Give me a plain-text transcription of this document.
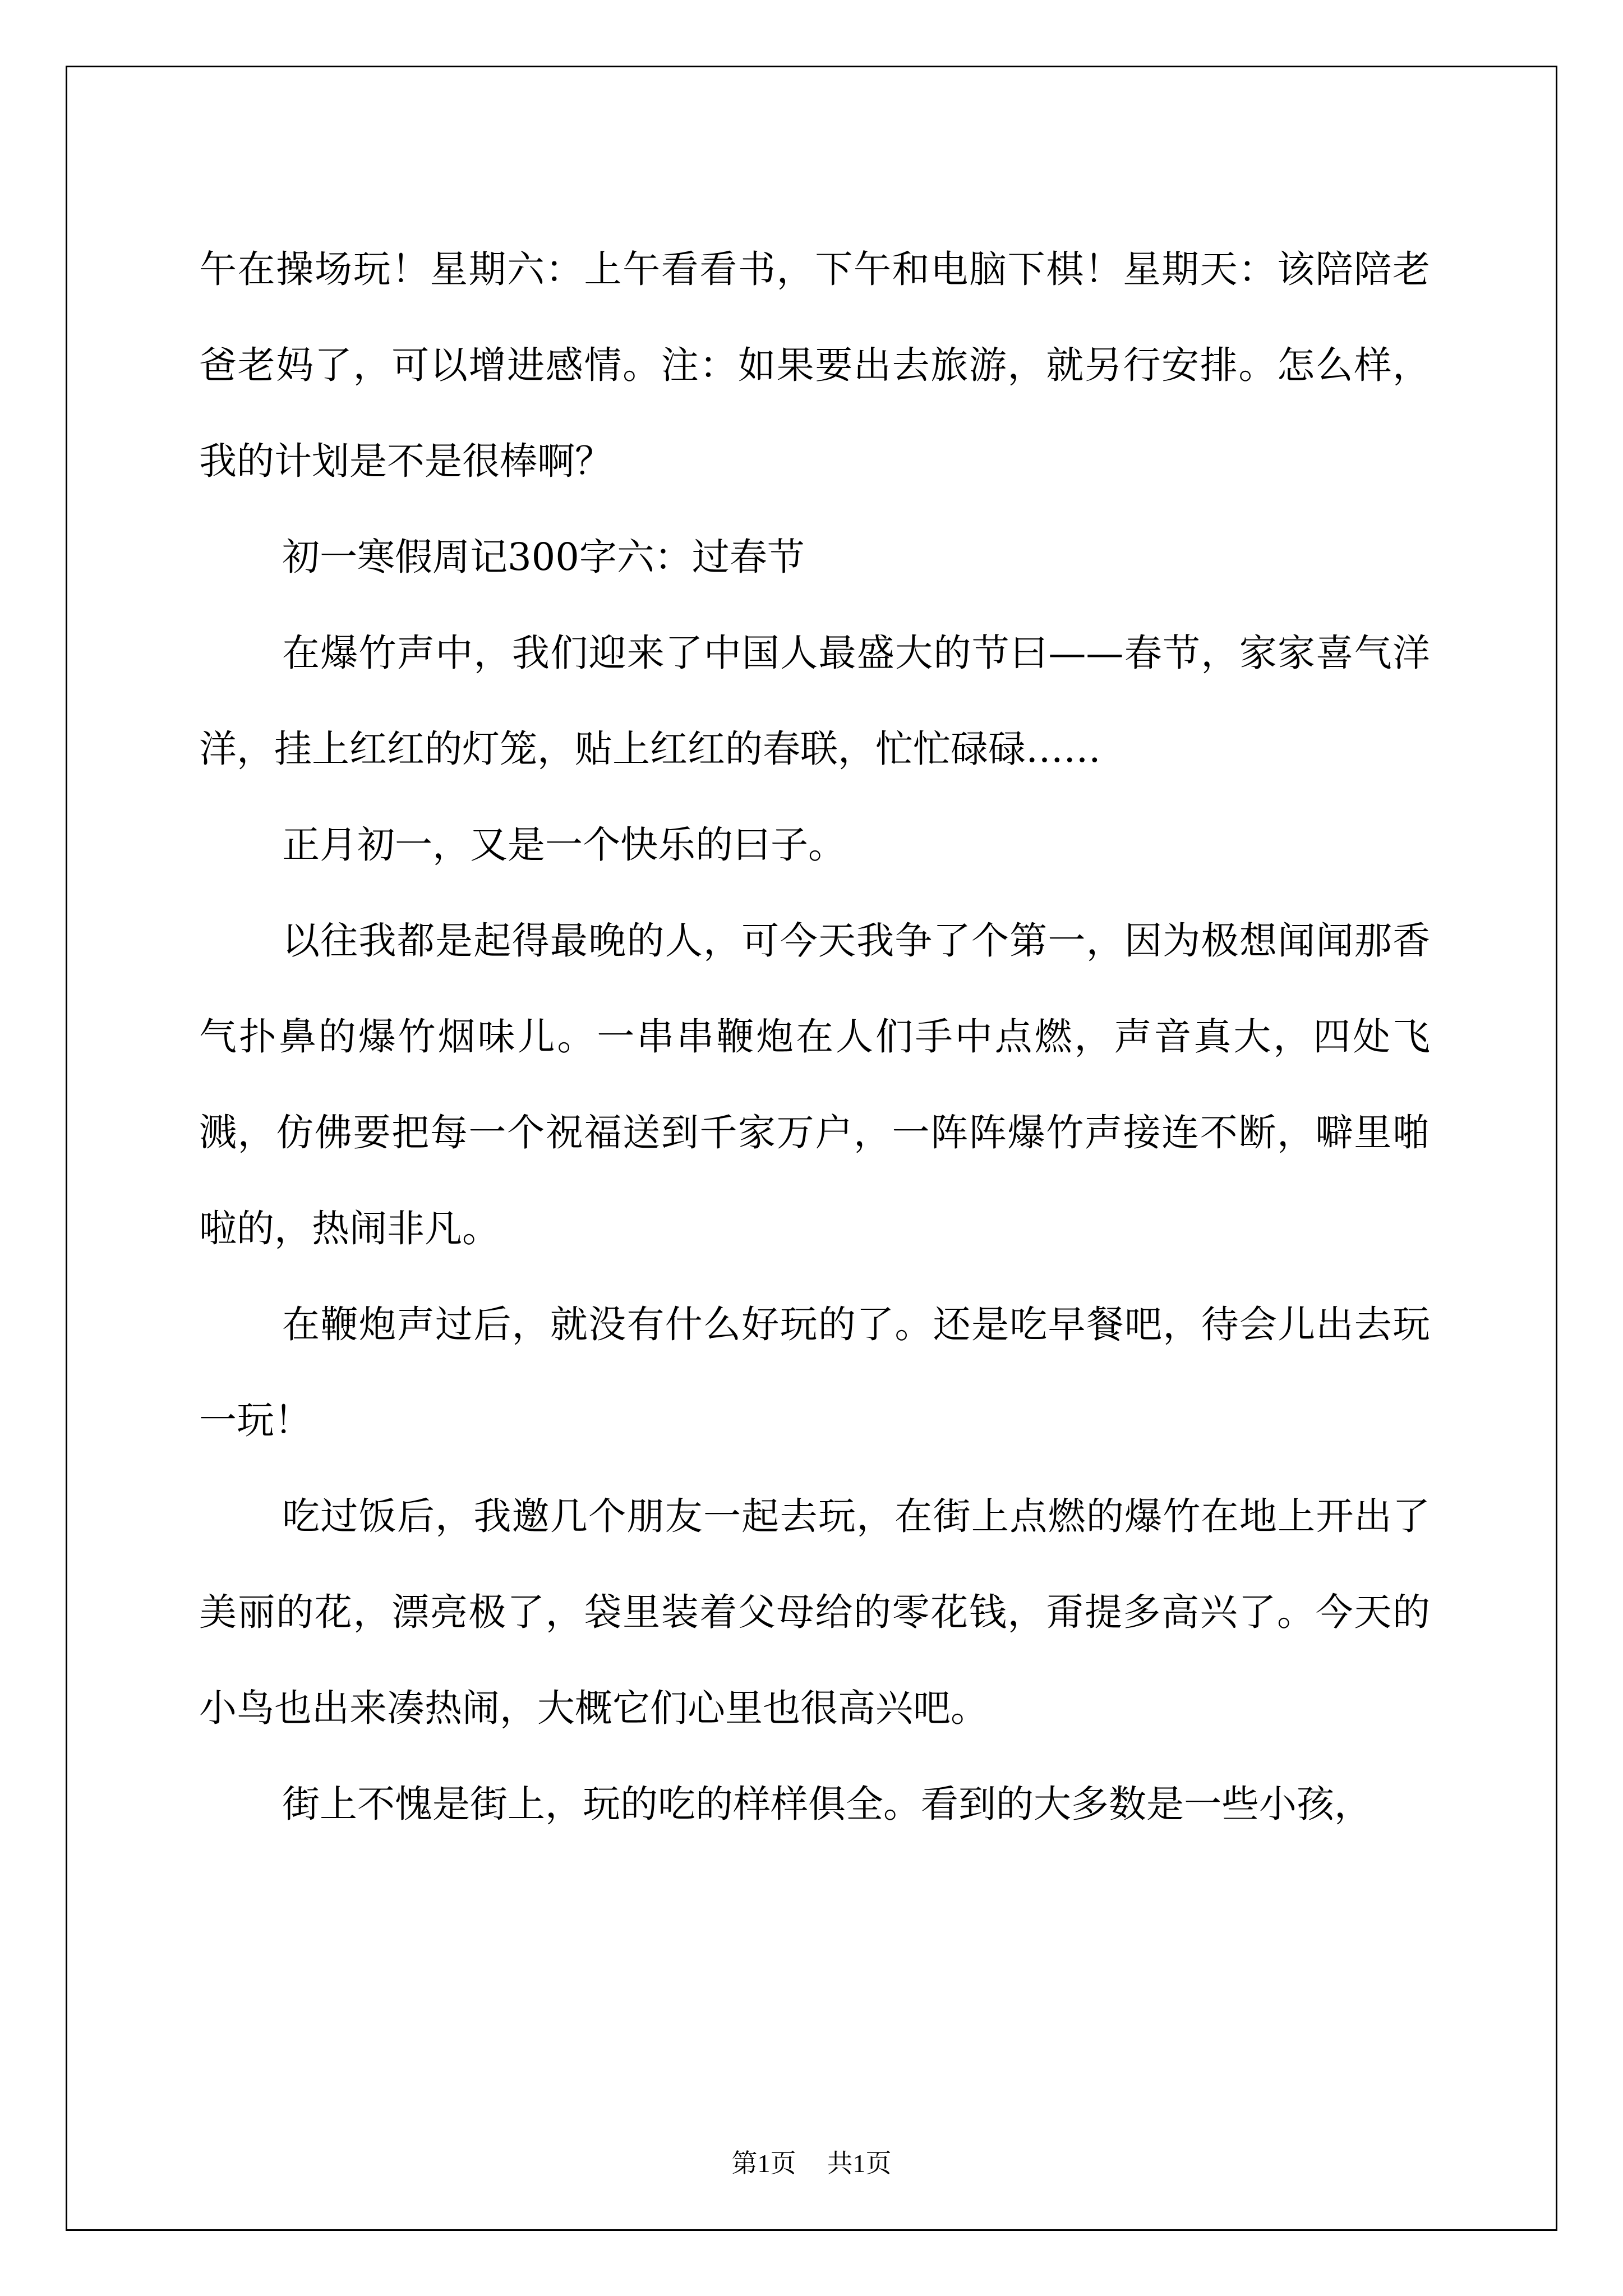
午在操场玩！星期六：上午看看书，下午和电脑下棋！星期天：该陪陪老爸老妈了，可以增进感情。注：如果要出去旅游，就另行安排。怎么样，我的计划是不是很棒啊？

初一寒假周记300字六：过春节

在爆竹声中，我们迎来了中国人最盛大的节曰——春节，家家喜气洋洋，挂上红红的灯笼，贴上红红的春联，忙忙碌碌……

正月初一，又是一个快乐的曰子。

以往我都是起得最晚的人，可今天我争了个第一，因为极想闻闻那香气扑鼻的爆竹烟味儿。一串串鞭炮在人们手中点燃，声音真大，四处飞溅，仿佛要把每一个祝福送到千家万户，一阵阵爆竹声接连不断，噼里啪啦的，热闹非凡。

在鞭炮声过后，就没有什么好玩的了。还是吃早餐吧，待会儿出去玩一玩！

吃过饭后，我邀几个朋友一起去玩，在街上点燃的爆竹在地上开出了美丽的花，漂亮极了，袋里装着父母给的零花钱，甭提多高兴了。今天的小鸟也出来凑热闹，大概它们心里也很高兴吧。

街上不愧是街上，玩的吃的样样俱全。看到的大多数是一些小孩，

第1页 共1页
